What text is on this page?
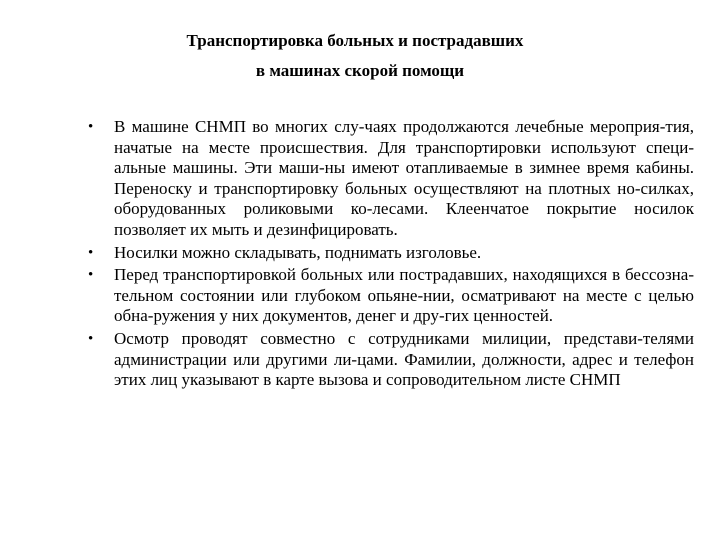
Транспортировка больных и пострадавших
в машинах скорой помощи
• В машине СНМП во многих слу-чаях продолжаются лечебные мероприя-тия, начатые на месте происшествия. Для транспортировки используют специ-альные машины. Эти маши-ны имеют отапливаемые в зимнее время кабины. Переноску и транспортировку больных осуществляют на плотных но-силках, оборудованных роликовыми ко-лесами. Клеенчатое покрытие носилок позволяет их мыть и дезинфицировать.
• Носилки можно складывать, поднимать изголовье.
• Перед транспортировкой больных или пострадавших, находящихся в бессозна-тельном состоянии или глубоком опьяне-нии, осматривают на месте с целью обна-ружения у них документов, денег и дру-гих ценностей.
• Осмотр проводят совместно с сотрудниками милиции, представи-телями администрации или другими ли-цами. Фамилии, должности, адрес и телефон этих лиц указывают в карте вызова и сопроводительном листе СНМП
